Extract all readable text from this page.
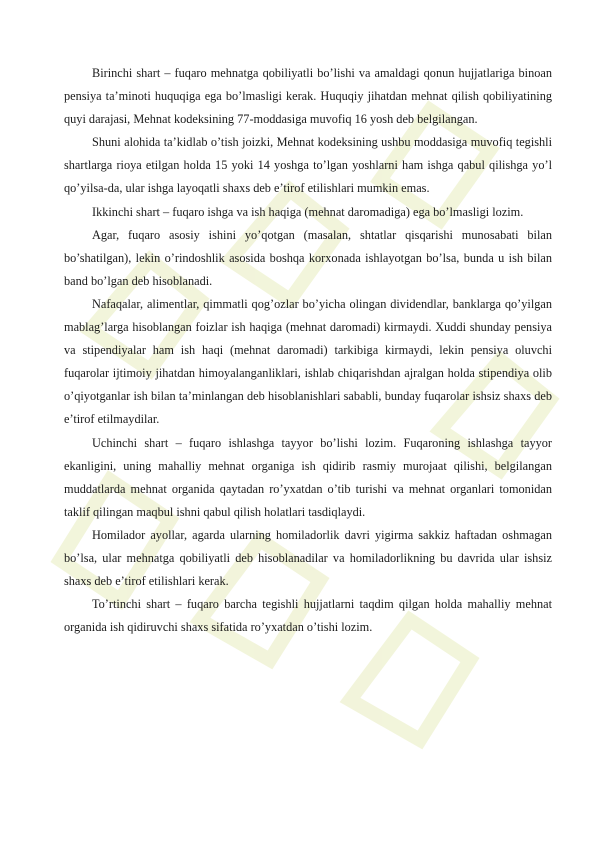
Birinchi shart – fuqaro mehnatga qobiliyatli bo’lishi va amaldagi qonun hujjatlariga binoan pensiya ta’minoti huquqiga ega bo’lmasligi kerak. Huquqiy jihatdan mehnat qilish qobiliyatining quyi darajasi, Mehnat kodeksining 77-moddasiga muvofiq 16 yosh deb belgilangan.

Shuni alohida ta’kidlab o’tish joizki, Mehnat kodeksining ushbu moddasiga muvofiq tegishli shartlarga rioya etilgan holda 15 yoki 14 yoshga to’lgan yoshlarni ham ishga qabul qilishga yo’l qo’yilsa-da, ular ishga layoqatli shaxs deb e’tirof etilishlari mumkin emas.

Ikkinchi shart – fuqaro ishga va ish haqiga (mehnat daromadiga) ega bo’lmasligi lozim.

Agar, fuqaro asosiy ishini yo’qotgan (masalan, shtatlar qisqarishi munosabati bilan bo’shatilgan), lekin o’rindoshlik asosida boshqa korxonada ishlayotgan bo’lsa, bunda u ish bilan band bo’lgan deb hisoblanadi.

Nafaqalar, alimentlar, qimmatli qog’ozlar bo’yicha olingan dividendlar, banklarga qo’yilgan mablag’larga hisoblangan foizlar ish haqiga (mehnat daromadi) kirmaydi. Xuddi shunday pensiya va stipendiyalar ham ish haqi (mehnat daromadi) tarkibiga kirmaydi, lekin pensiya oluvchi fuqarolar ijtimoiy jihatdan himoyalanganliklari, ishlab chiqarishdan ajralgan holda stipendiya olib o’qiyotganlar ish bilan ta’minlangan deb hisoblanishlari sababli, bunday fuqarolar ishsiz shaxs deb e’tirof etilmaydilar.

Uchinchi shart – fuqaro ishlashga tayyor bo’lishi lozim. Fuqaroning ishlashga tayyor ekanligini, uning mahalliy mehnat organiga ish qidirib rasmiy murojaat qilishi, belgilangan muddatlarda mehnat organida qaytadan ro’yxatdan o’tib turishi va mehnat organlari tomonidan taklif qilingan maqbul ishni qabul qilish holatlari tasdiqlaydi.

Homilador ayollar, agarda ularning homiladorlik davri yigirma sakkiz haftadan oshmagan bo’lsa, ular mehnatga qobiliyatli deb hisoblanadilar va homiladorlikning bu davrida ular ishsiz shaxs deb e’tirof etilishlari kerak.

To’rtinchi shart – fuqaro barcha tegishli hujjatlarni taqdim qilgan holda mahalliy mehnat organida ish qidiruvchi shaxs sifatida ro’yxatdan o’tishi lozim.
